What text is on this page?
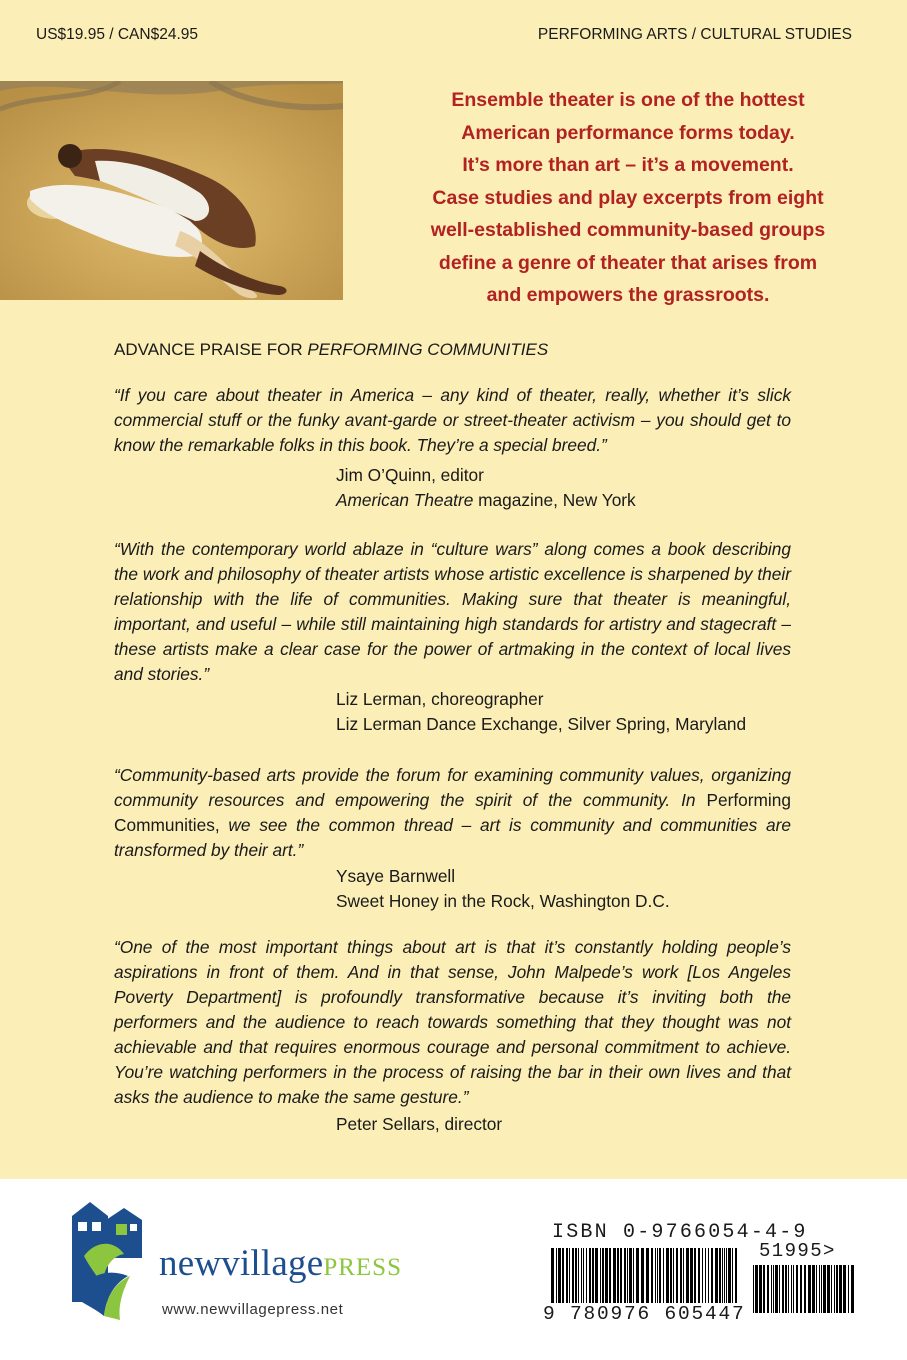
US$19.95 / CAN$24.95	PERFORMING ARTS / CULTURAL STUDIES
Ensemble theater is one of the hottest
American performance forms today.
It’s more than art – it’s a movement.
Case studies and play excerpts from eight
well-established community-based groups
define a genre of theater that arises from
and empowers the grassroots.
ADVANCE PRAISE FOR PERFORMING COMMUNITIES
“If you care about theater in America – any kind of theater, really, whether it’s slick commercial stuff or the funky avant-garde or street-theater activism – you should get to know the remarkable folks in this book. They’re a special breed.”
Jim O’Quinn, editor
American Theatre magazine, New York
“With the contemporary world ablaze in “culture wars” along comes a book describing the work and philosophy of theater artists whose artistic excellence is sharpened by their relationship with the life of communities. Making sure that theater is meaningful, important, and useful – while still maintaining high standards for artistry and stagecraft – these artists make a clear case for the power of artmaking in the context of local lives and stories.”
Liz Lerman, choreographer
Liz Lerman Dance Exchange, Silver Spring, Maryland
“Community-based arts provide the forum for examining community values, organizing community resources and empowering the spirit of the community. In Performing Communities, we see the common thread – art is community and communities are transformed by their art.”
Ysaye Barnwell
Sweet Honey in the Rock, Washington D.C.
“One of the most important things about art is that it’s constantly holding people’s aspirations in front of them. And in that sense, John Malpede’s work [Los Angeles Poverty Department] is profoundly transformative because it’s inviting both the performers and the audience to reach towards something that they thought was not achievable and that requires enormous courage and personal commitment to achieve. You’re watching performers in the process of raising the bar in their own lives and that asks the audience to make the same gesture.”
Peter Sellars, director
newvillagePRESS
www.newvillagepress.net
ISBN 0-9766054-4-9
51995>
9 780976 605447
